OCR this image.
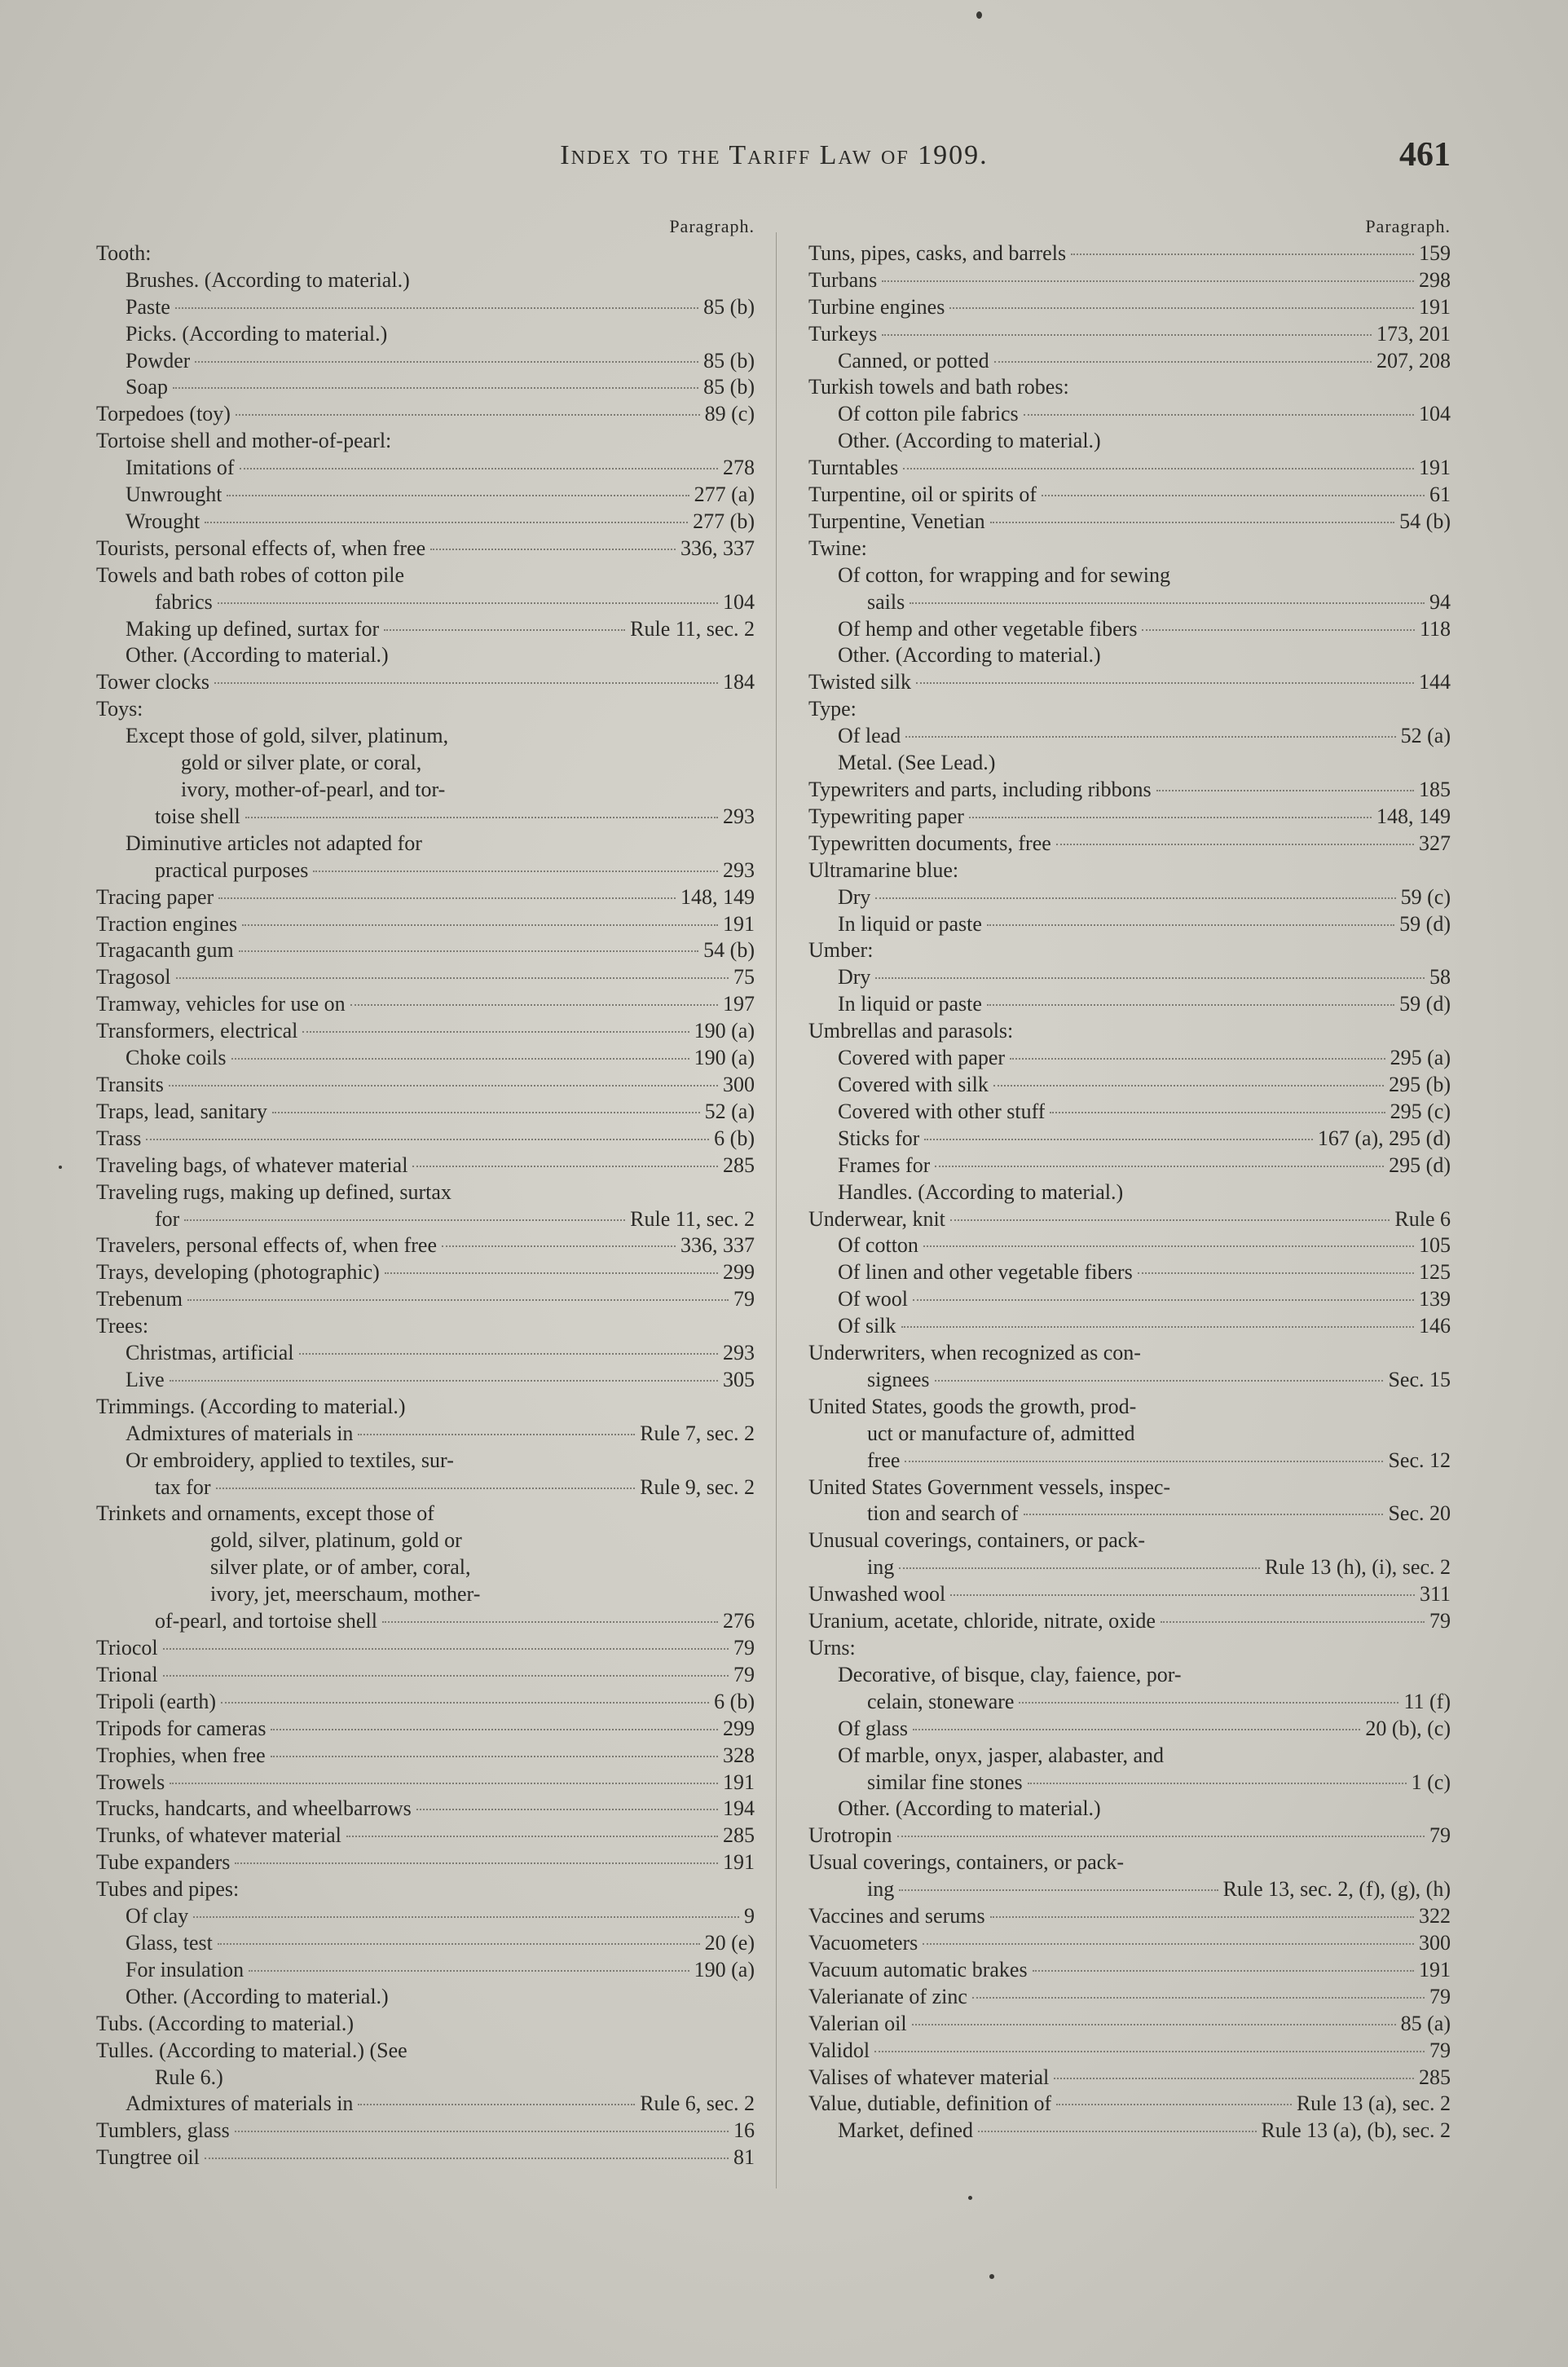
Index to the Tariff Law of 1909.	461
Paragraph.
Tooth:
Brushes. (According to material.)
Paste	85 (b)
Picks. (According to material.)
Powder	85 (b)
Soap	85 (b)
Torpedoes (toy)	89 (c)
Tortoise shell and mother-of-pearl:
Imitations of	278
Unwrought	277 (a)
Wrought	277 (b)
Tourists, personal effects of, when free	336, 337
Towels and bath robes of cotton pile
fabrics	104
Making up defined, surtax for	Rule 11, sec. 2
Other. (According to material.)
Tower clocks	184
Toys:
Except those of gold, silver, platinum,
gold or silver plate, or coral,
ivory, mother-of-pearl, and tor-
toise shell	293
Diminutive articles not adapted for
practical purposes	293
Tracing paper	148, 149
Traction engines	191
Tragacanth gum	54 (b)
Tragosol	75
Tramway, vehicles for use on	197
Transformers, electrical	190 (a)
Choke coils	190 (a)
Transits	300
Traps, lead, sanitary	52 (a)
Trass	6 (b)
Traveling bags, of whatever material	285
Traveling rugs, making up defined, surtax
for	Rule 11, sec. 2
Travelers, personal effects of, when free	336, 337
Trays, developing (photographic)	299
Trebenum	79
Trees:
Christmas, artificial	293
Live	305
Trimmings. (According to material.)
Admixtures of materials in	Rule 7, sec. 2
Or embroidery, applied to textiles, sur-
tax for	Rule 9, sec. 2
Trinkets and ornaments, except those of
gold, silver, platinum, gold or
silver plate, or of amber, coral,
ivory, jet, meerschaum, mother-
of-pearl, and tortoise shell	276
Triocol	79
Trional	79
Tripoli (earth)	6 (b)
Tripods for cameras	299
Trophies, when free	328
Trowels	191
Trucks, handcarts, and wheelbarrows	194
Trunks, of whatever material	285
Tube expanders	191
Tubes and pipes:
Of clay	9
Glass, test	20 (e)
For insulation	190 (a)
Other. (According to material.)
Tubs. (According to material.)
Tulles. (According to material.) (See
Rule 6.)
Admixtures of materials in	Rule 6, sec. 2
Tumblers, glass	16
Tungtree oil	81
Paragraph.
Tuns, pipes, casks, and barrels	159
Turbans	298
Turbine engines	191
Turkeys	173, 201
Canned, or potted	207, 208
Turkish towels and bath robes:
Of cotton pile fabrics	104
Other. (According to material.)
Turntables	191
Turpentine, oil or spirits of	61
Turpentine, Venetian	54 (b)
Twine:
Of cotton, for wrapping and for sewing
sails	94
Of hemp and other vegetable fibers	118
Other. (According to material.)
Twisted silk	144
Type:
Of lead	52 (a)
Metal. (See Lead.)
Typewriters and parts, including ribbons	185
Typewriting paper	148, 149
Typewritten documents, free	327
Ultramarine blue:
Dry	59 (c)
In liquid or paste	59 (d)
Umber:
Dry	58
In liquid or paste	59 (d)
Umbrellas and parasols:
Covered with paper	295 (a)
Covered with silk	295 (b)
Covered with other stuff	295 (c)
Sticks for	167 (a), 295 (d)
Frames for	295 (d)
Handles. (According to material.)
Underwear, knit	Rule 6
Of cotton	105
Of linen and other vegetable fibers	125
Of wool	139
Of silk	146
Underwriters, when recognized as con-
signees	Sec. 15
United States, goods the growth, prod-
uct or manufacture of, admitted
free	Sec. 12
United States Government vessels, inspec-
tion and search of	Sec. 20
Unusual coverings, containers, or pack-
ing	Rule 13 (h), (i), sec. 2
Unwashed wool	311
Uranium, acetate, chloride, nitrate, oxide	79
Urns:
Decorative, of bisque, clay, faience, por-
celain, stoneware	11 (f)
Of glass	20 (b), (c)
Of marble, onyx, jasper, alabaster, and
similar fine stones	1 (c)
Other. (According to material.)
Urotropin	79
Usual coverings, containers, or pack-
ing	Rule 13, sec. 2, (f), (g), (h)
Vaccines and serums	322
Vacuometers	300
Vacuum automatic brakes	191
Valerianate of zinc	79
Valerian oil	85 (a)
Validol	79
Valises of whatever material	285
Value, dutiable, definition of	Rule 13 (a), sec. 2
Market, defined	Rule 13 (a), (b), sec. 2
